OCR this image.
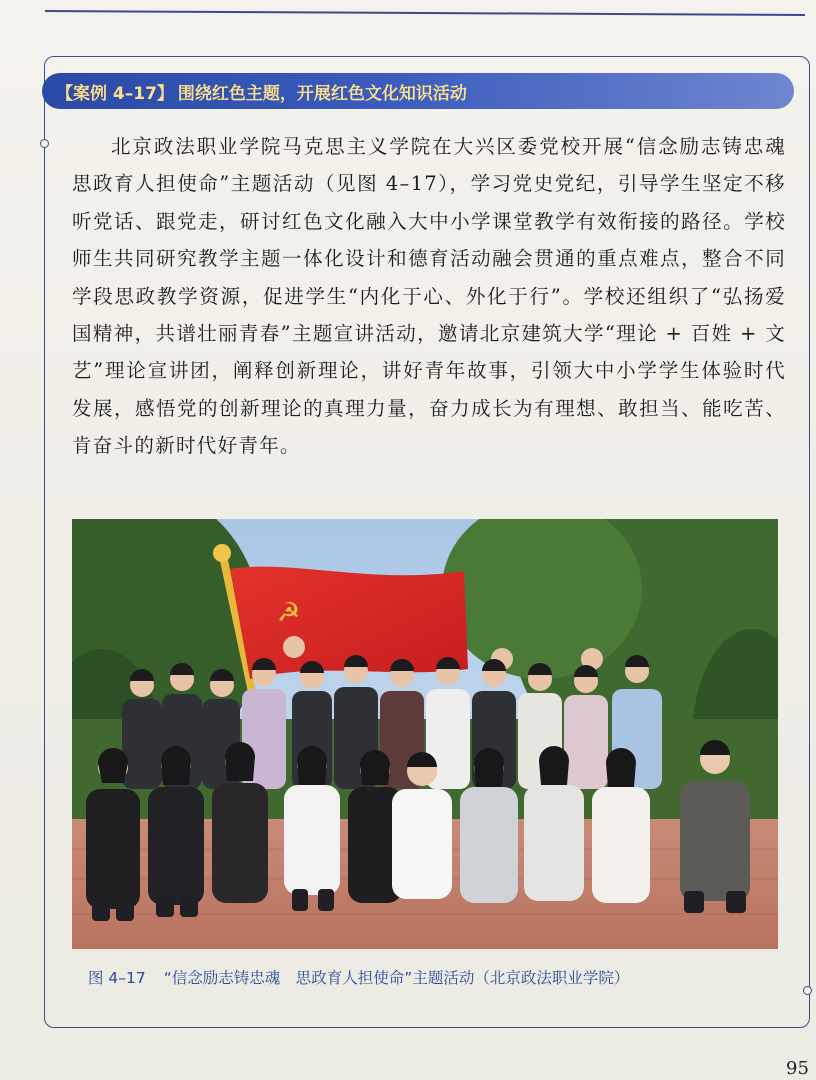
【案例 4–17】 围绕红色主题，开展红色文化知识活动

北京政法职业学院马克思主义学院在大兴区委党校开展“信念励志铸忠魂　思政育人担使命”主题活动（见图 4–17），学习党史党纪，引导学生坚定不移听党话、跟党走，研讨红色文化融入大中小学课堂教学有效衔接的路径。学校师生共同研究教学主题一体化设计和德育活动融会贯通的重点难点，整合不同学段思政教学资源，促进学生“内化于心、外化于行”。学校还组织了“弘扬爱国精神，共谱壮丽青春”主题宣讲活动，邀请北京建筑大学“理论 + 百姓 + 文艺”理论宣讲团，阐释创新理论，讲好青年故事，引领大中小学学生体验时代发展，感悟党的创新理论的真理力量，奋力成长为有理想、敢担当、能吃苦、肯奋斗的新时代好青年。

☭
图 4–17 “信念励志铸忠魂　思政育人担使命”主题活动（北京政法职业学院）
95
